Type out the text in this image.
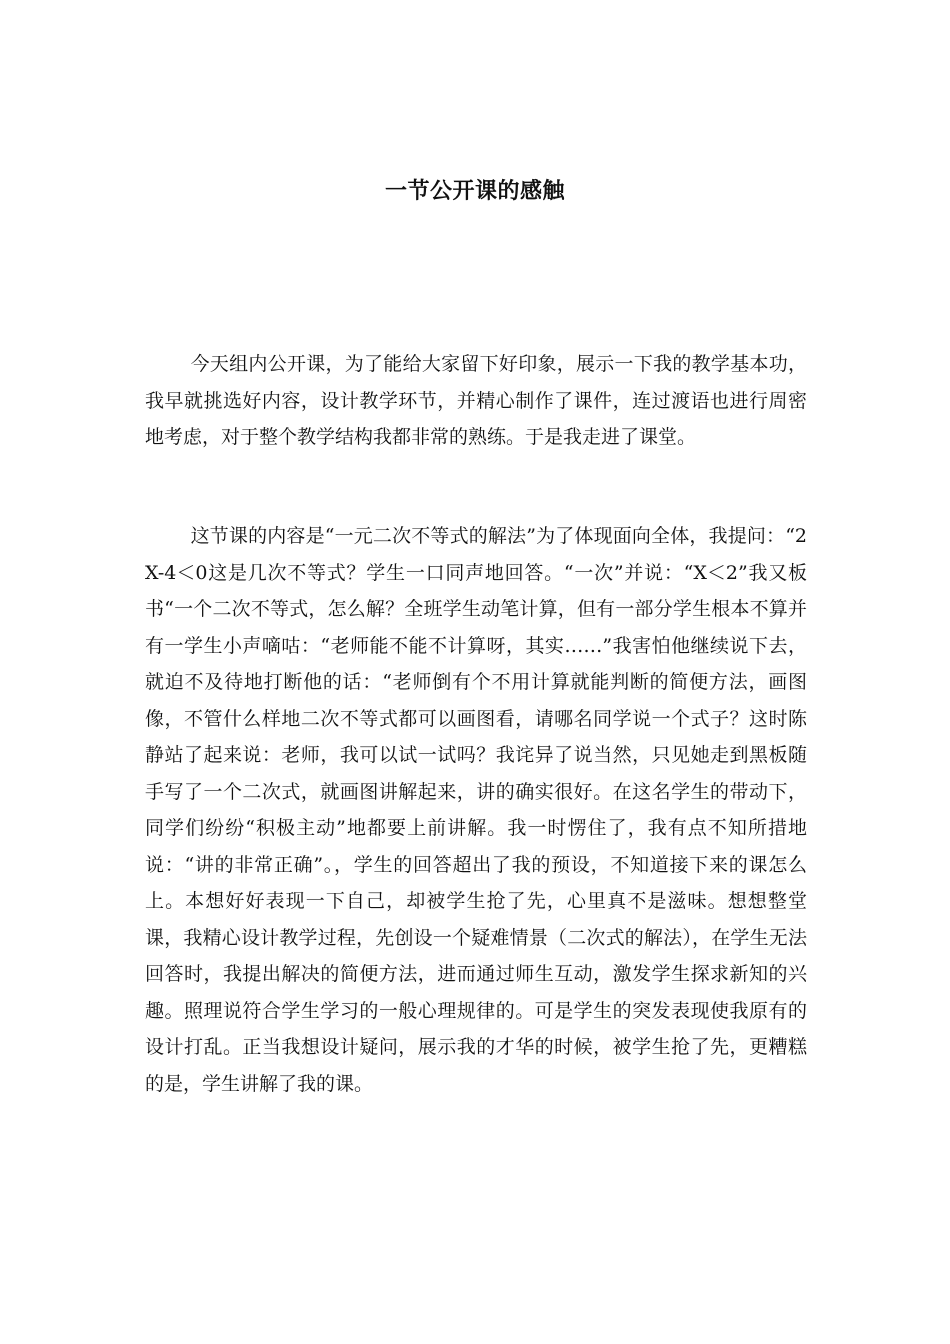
一节公开课的感触

今天组内公开课，为了能给大家留下好印象，展示一下我的教学基本功，我早就挑选好内容，设计教学环节，并精心制作了课件，连过渡语也进行周密地考虑，对于整个教学结构我都非常的熟练。于是我走进了课堂。

这节课的内容是“一元二次不等式的解法”为了体现面向全体，我提问：“2X-4＜0这是几次不等式？学生一口同声地回答。“一次”并说：“X＜2”我又板书“一个二次不等式，怎么解？全班学生动笔计算，但有一部分学生根本不算并有一学生小声嘀咕：“老师能不能不计算呀，其实……”我害怕他继续说下去，就迫不及待地打断他的话：“老师倒有个不用计算就能判断的简便方法，画图像，不管什么样地二次不等式都可以画图看，请哪名同学说一个式子？这时陈静站了起来说：老师，我可以试一试吗？我诧异了说当然，只见她走到黑板随手写了一个二次式，就画图讲解起来，讲的确实很好。在这名学生的带动下，同学们纷纷“积极主动”地都要上前讲解。我一时愣住了，我有点不知所措地说：“讲的非常正确”。，学生的回答超出了我的预设，不知道接下来的课怎么上。本想好好表现一下自己，却被学生抢了先，心里真不是滋味。想想整堂课，我精心设计教学过程，先创设一个疑难情景（二次式的解法），在学生无法回答时，我提出解决的简便方法，进而通过师生互动，激发学生探求新知的兴趣。照理说符合学生学习的一般心理规律的。可是学生的突发表现使我原有的设计打乱。正当我想设计疑问，展示我的才华的时候，被学生抢了先，更糟糕的是，学生讲解了我的课。
